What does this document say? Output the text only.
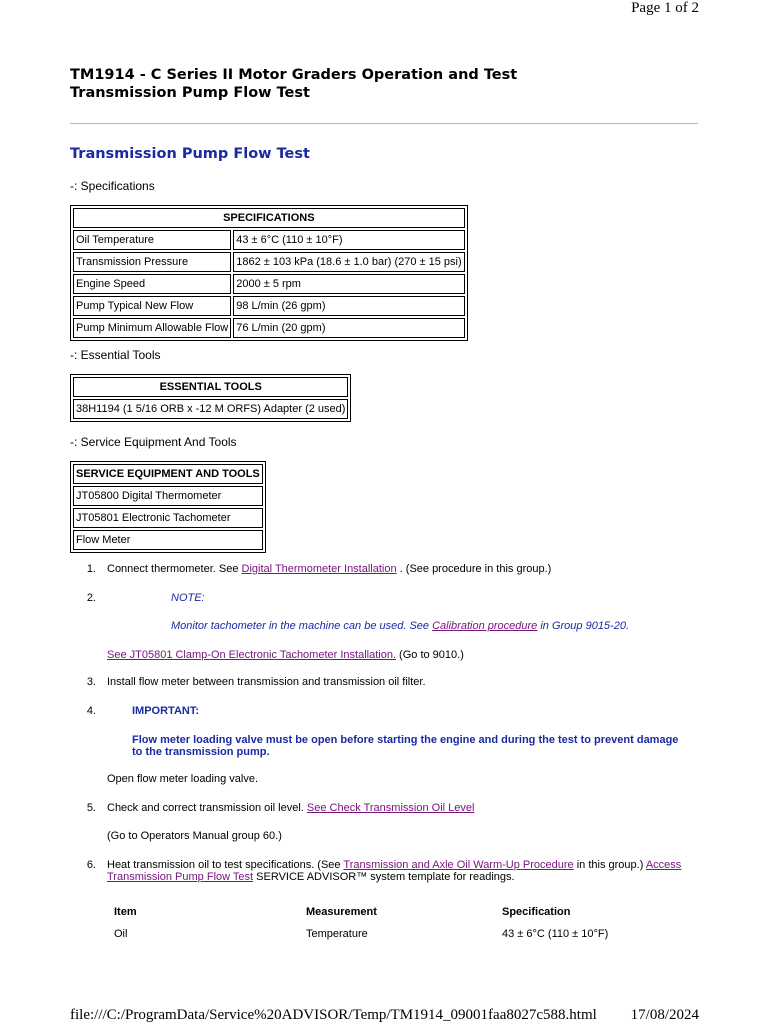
Page 1 of 2
TM1914 - C Series II Motor Graders Operation and Test
Transmission Pump Flow Test
Transmission Pump Flow Test
-: Specifications
SPECIFICATIONS	
Oil Temperature	43 ± 6°C (110 ± 10°F)
Transmission Pressure	1862 ± 103 kPa (18.6 ± 1.0 bar) (270 ± 15 psi)
Engine Speed	2000 ± 5 rpm
Pump Typical New Flow	98 L/min (26 gpm)
Pump Minimum Allowable Flow	76 L/min (20 gpm)
-: Essential Tools
ESSENTIAL TOOLS
38H1194 (1 5/16 ORB x -12 M ORFS) Adapter (2 used)
-: Service Equipment And Tools
SERVICE EQUIPMENT AND TOOLS
JT05800 Digital Thermometer
JT05801 Electronic Tachometer
Flow Meter
1. Connect thermometer. See Digital Thermometer Installation . (See procedure in this group.)
2.	NOTE:
Monitor tachometer in the machine can be used. See Calibration procedure in Group 9015-20.
See JT05801 Clamp-On Electronic Tachometer Installation. (Go to 9010.)
3. Install flow meter between transmission and transmission oil filter.
4.	IMPORTANT:
Flow meter loading valve must be open before starting the engine and during the test to prevent damage
to the transmission pump.
Open flow meter loading valve.
5. Check and correct transmission oil level. See Check Transmission Oil Level
(Go to Operators Manual group 60.)
6. Heat transmission oil to test specifications. (See Transmission and Axle Oil Warm-Up Procedure in this group.) Access
Transmission Pump Flow Test SERVICE ADVISOR™ system template for readings.
Item	Measurement	Specification
Oil	Temperature	43 ± 6°C (110 ± 10°F)
file:///C:/ProgramData/Service%20ADVISOR/Temp/TM1914_09001faa8027c588.html 17/08/2024
